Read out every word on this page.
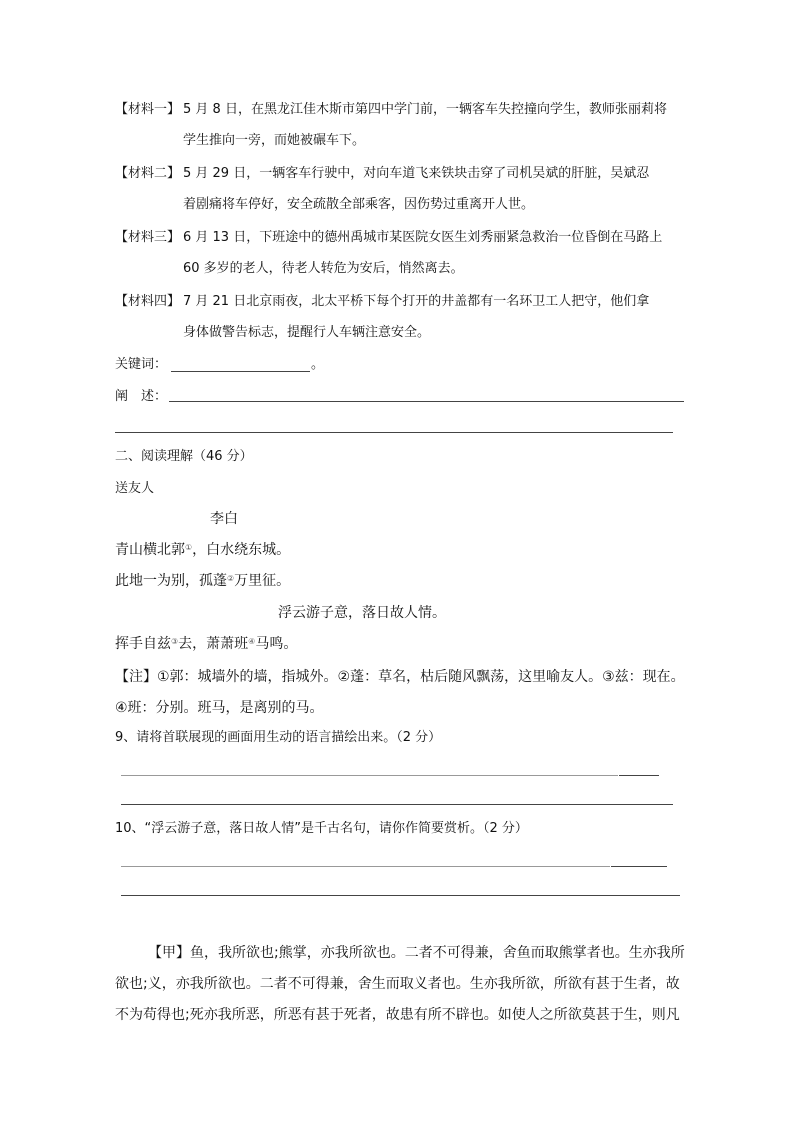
【材料一】 5 月 8 日，在黑龙江佳木斯市第四中学门前，一辆客车失控撞向学生，教师张丽莉将
学生推向一旁，而她被碾车下。
【材料二】 5 月 29 日，一辆客车行驶中，对向车道飞来铁块击穿了司机吴斌的肝脏，吴斌忍
着剧痛将车停好，安全疏散全部乘客，因伤势过重离开人世。
【材料三】 6 月 13 日，下班途中的德州禹城市某医院女医生刘秀丽紧急救治一位昏倒在马路上
60 多岁的老人，待老人转危为安后，悄然离去。
【材料四】 7 月 21 日北京雨夜，北太平桥下每个打开的井盖都有一名环卫工人把守，他们拿
身体做警告标志，提醒行人车辆注意安全。
关键词：	。
阐　述：
二、阅读理解（46 分）
送友人
李白
青山横北郭①，白水绕东城。
此地一为别，孤蓬②万里征。
浮云游子意，落日故人情。
挥手自兹③去，萧萧班④马鸣。
【注】①郭：城墙外的墙，指城外。②蓬：草名，枯后随风飘荡，这里喻友人。③兹：现在。
④班：分别。班马，是离别的马。
9、请将首联展现的画面用生动的语言描绘出来。（2 分）
10、“浮云游子意，落日故人情”是千古名句，请你作简要赏析。（2 分）
【甲】鱼，我所欲也;熊掌，亦我所欲也。二者不可得兼，舍鱼而取熊掌者也。生亦我所
欲也;义，亦我所欲也。二者不可得兼，舍生而取义者也。生亦我所欲，所欲有甚于生者，故
不为苟得也;死亦我所恶，所恶有甚于死者，故患有所不辟也。如使人之所欲莫甚于生，则凡
